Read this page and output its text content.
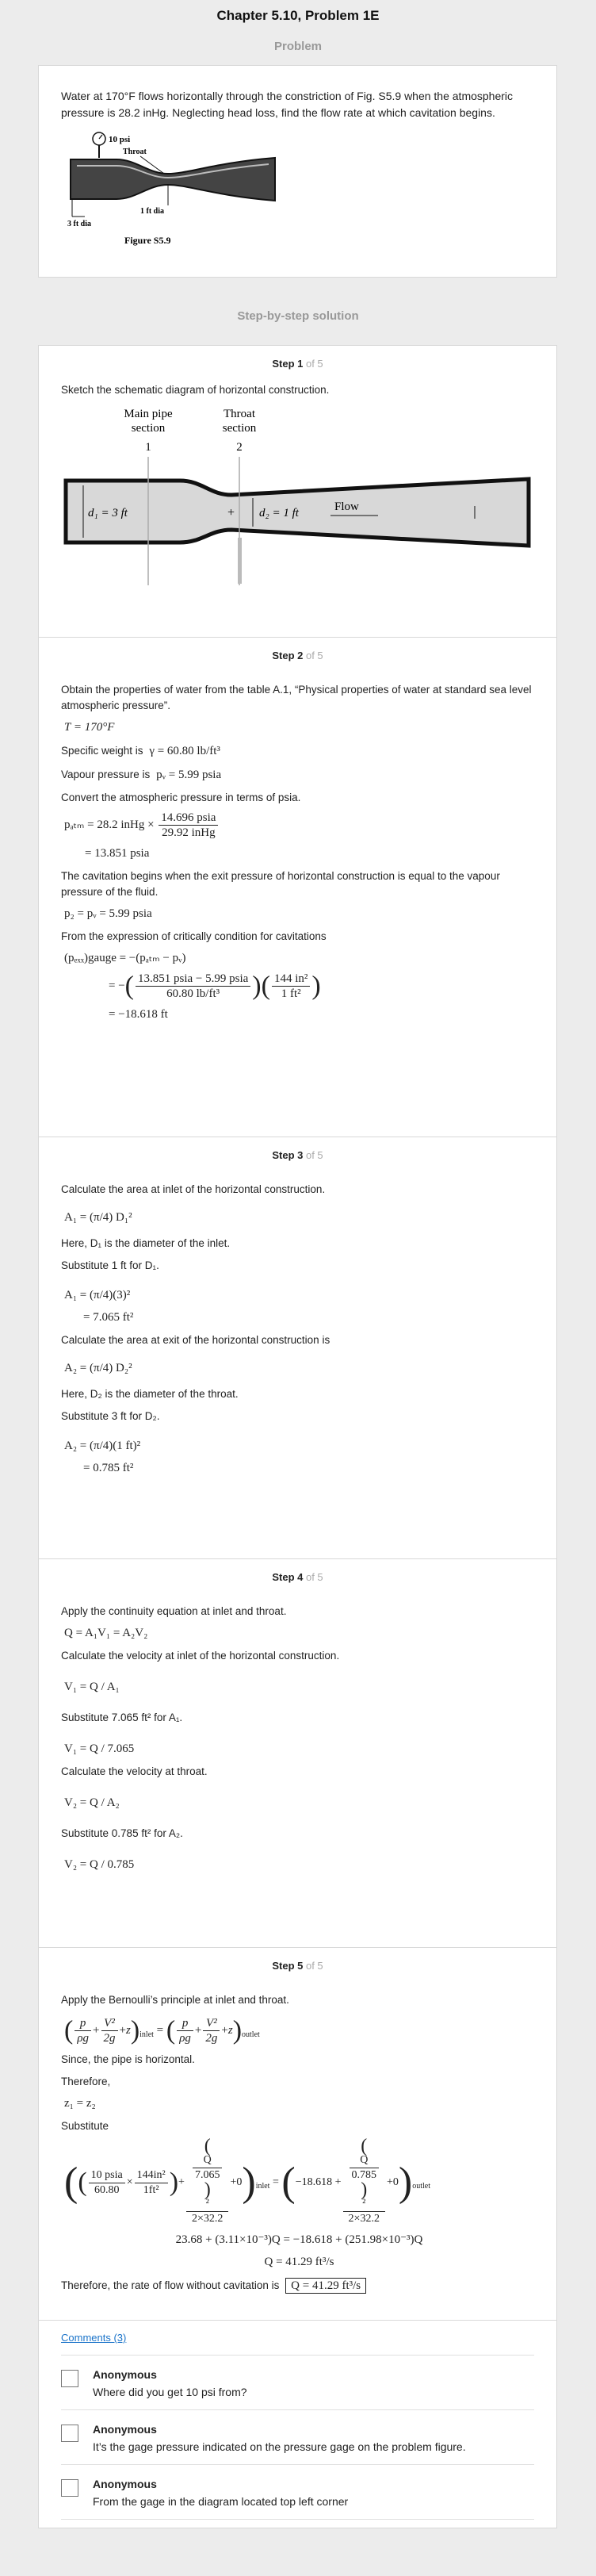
Chapter 5.10, Problem 1E
Problem
Water at 170°F flows horizontally through the constriction of Fig. S5.9 when the atmospheric pressure is 28.2 inHg. Neglecting head loss, find the flow rate at which cavitation begins.
10 psi
Throat
1 ft dia
3 ft dia
Figure S5.9
Step-by-step solution
Step 1 of 5
Sketch the schematic diagram of horizontal construction.
Main pipe
section
1
Throat
section
2
d₁ = 3 ft	d₂ = 1 ft
+	Flow
Step 2 of 5
Obtain the properties of water from the table A.1, “Physical properties of water at standard sea level atmospheric pressure”.
T = 170°F
Specific weight is γ = 60.80 lb/ft³
Vapour pressure is pᵥ = 5.99 psia
Convert the atmospheric pressure in terms of psia.
pₐₜₘ = 28.2 inHg × $\frac{\text{14.696 psia}}{\text{29.92 inHg}}$
= 13.851 psia
The cavitation begins when the exit pressure of horizontal construction is equal to the vapour pressure of the fluid.
p₂ = pᵥ = 5.99 psia
From the expression of critically condition for cavitations
(pₑₓₓ)gauge = −(pₐₜₘ − pᵥ)
= −( $\frac{\text{13.851 psia − 5.99 psia}}{\text{60.80 lb/ft³}}$ )( $\frac{\text{144 in²}}{\text{1 ft²}}$ )
= −18.618 ft
Step 3 of 5
Calculate the area at inlet of the horizontal construction.
A₁ = (π/4) D₁²
Here, D₁ is the diameter of the inlet.
Substitute 1 ft for D₁.
A₁ = (π/4)(3)²
= 7.065 ft²
Calculate the area at exit of the horizontal construction is
A₂ = (π/4) D₂²
Here, D₂ is the diameter of the throat.
Substitute 3 ft for D₂.
A₂ = (π/4)(1 ft)²
= 0.785 ft²
Step 4 of 5
Apply the continuity equation at inlet and throat.
Q = A₁V₁ = A₂V₂
Calculate the velocity at inlet of the horizontal construction.
V₁ = Q / A₁
Substitute 7.065 ft² for A₁.
V₁ = Q / 7.065
Calculate the velocity at throat.
V₂ = Q / A₂
Substitute 0.785 ft² for A₂.
V₂ = Q / 0.785
Step 5 of 5
Apply the Bernoulli’s principle at inlet and throat.
( $\frac{p}{\rho g} + \frac{\text{V²}}{2g} +z)_{inlet}$ = ( $\frac{p}{\rho g} + \frac{\text{V²}}{2g} +z)_{outlet}$
Since, the pipe is horizontal.
Therefore,
z₁ = z₂
Substitute
(( $\frac{\text{10 psia}}{60.80} \times \frac{\text{144in²}}{\text{1ft²}}$ )+ (
Q
7.065
)
²
$2\times 32.2 +0)_{inlet} = (-18.618$ + (
Q
0.785
)
²
$2\times 32.2 +0)_{outlet}$
23.68 + (3.11×10⁻³)Q = −18.618 + (251.98×10⁻³)Q
Q = 41.29 ft³/s
Therefore, the rate of flow without cavitation is Q = 41.29 ft³/s
Comments (3)
Anonymous
Where did you get 10 psi from?
Anonymous
It’s the gage pressure indicated on the pressure gage on the problem figure.
Anonymous
From the gage in the diagram located top left corner
